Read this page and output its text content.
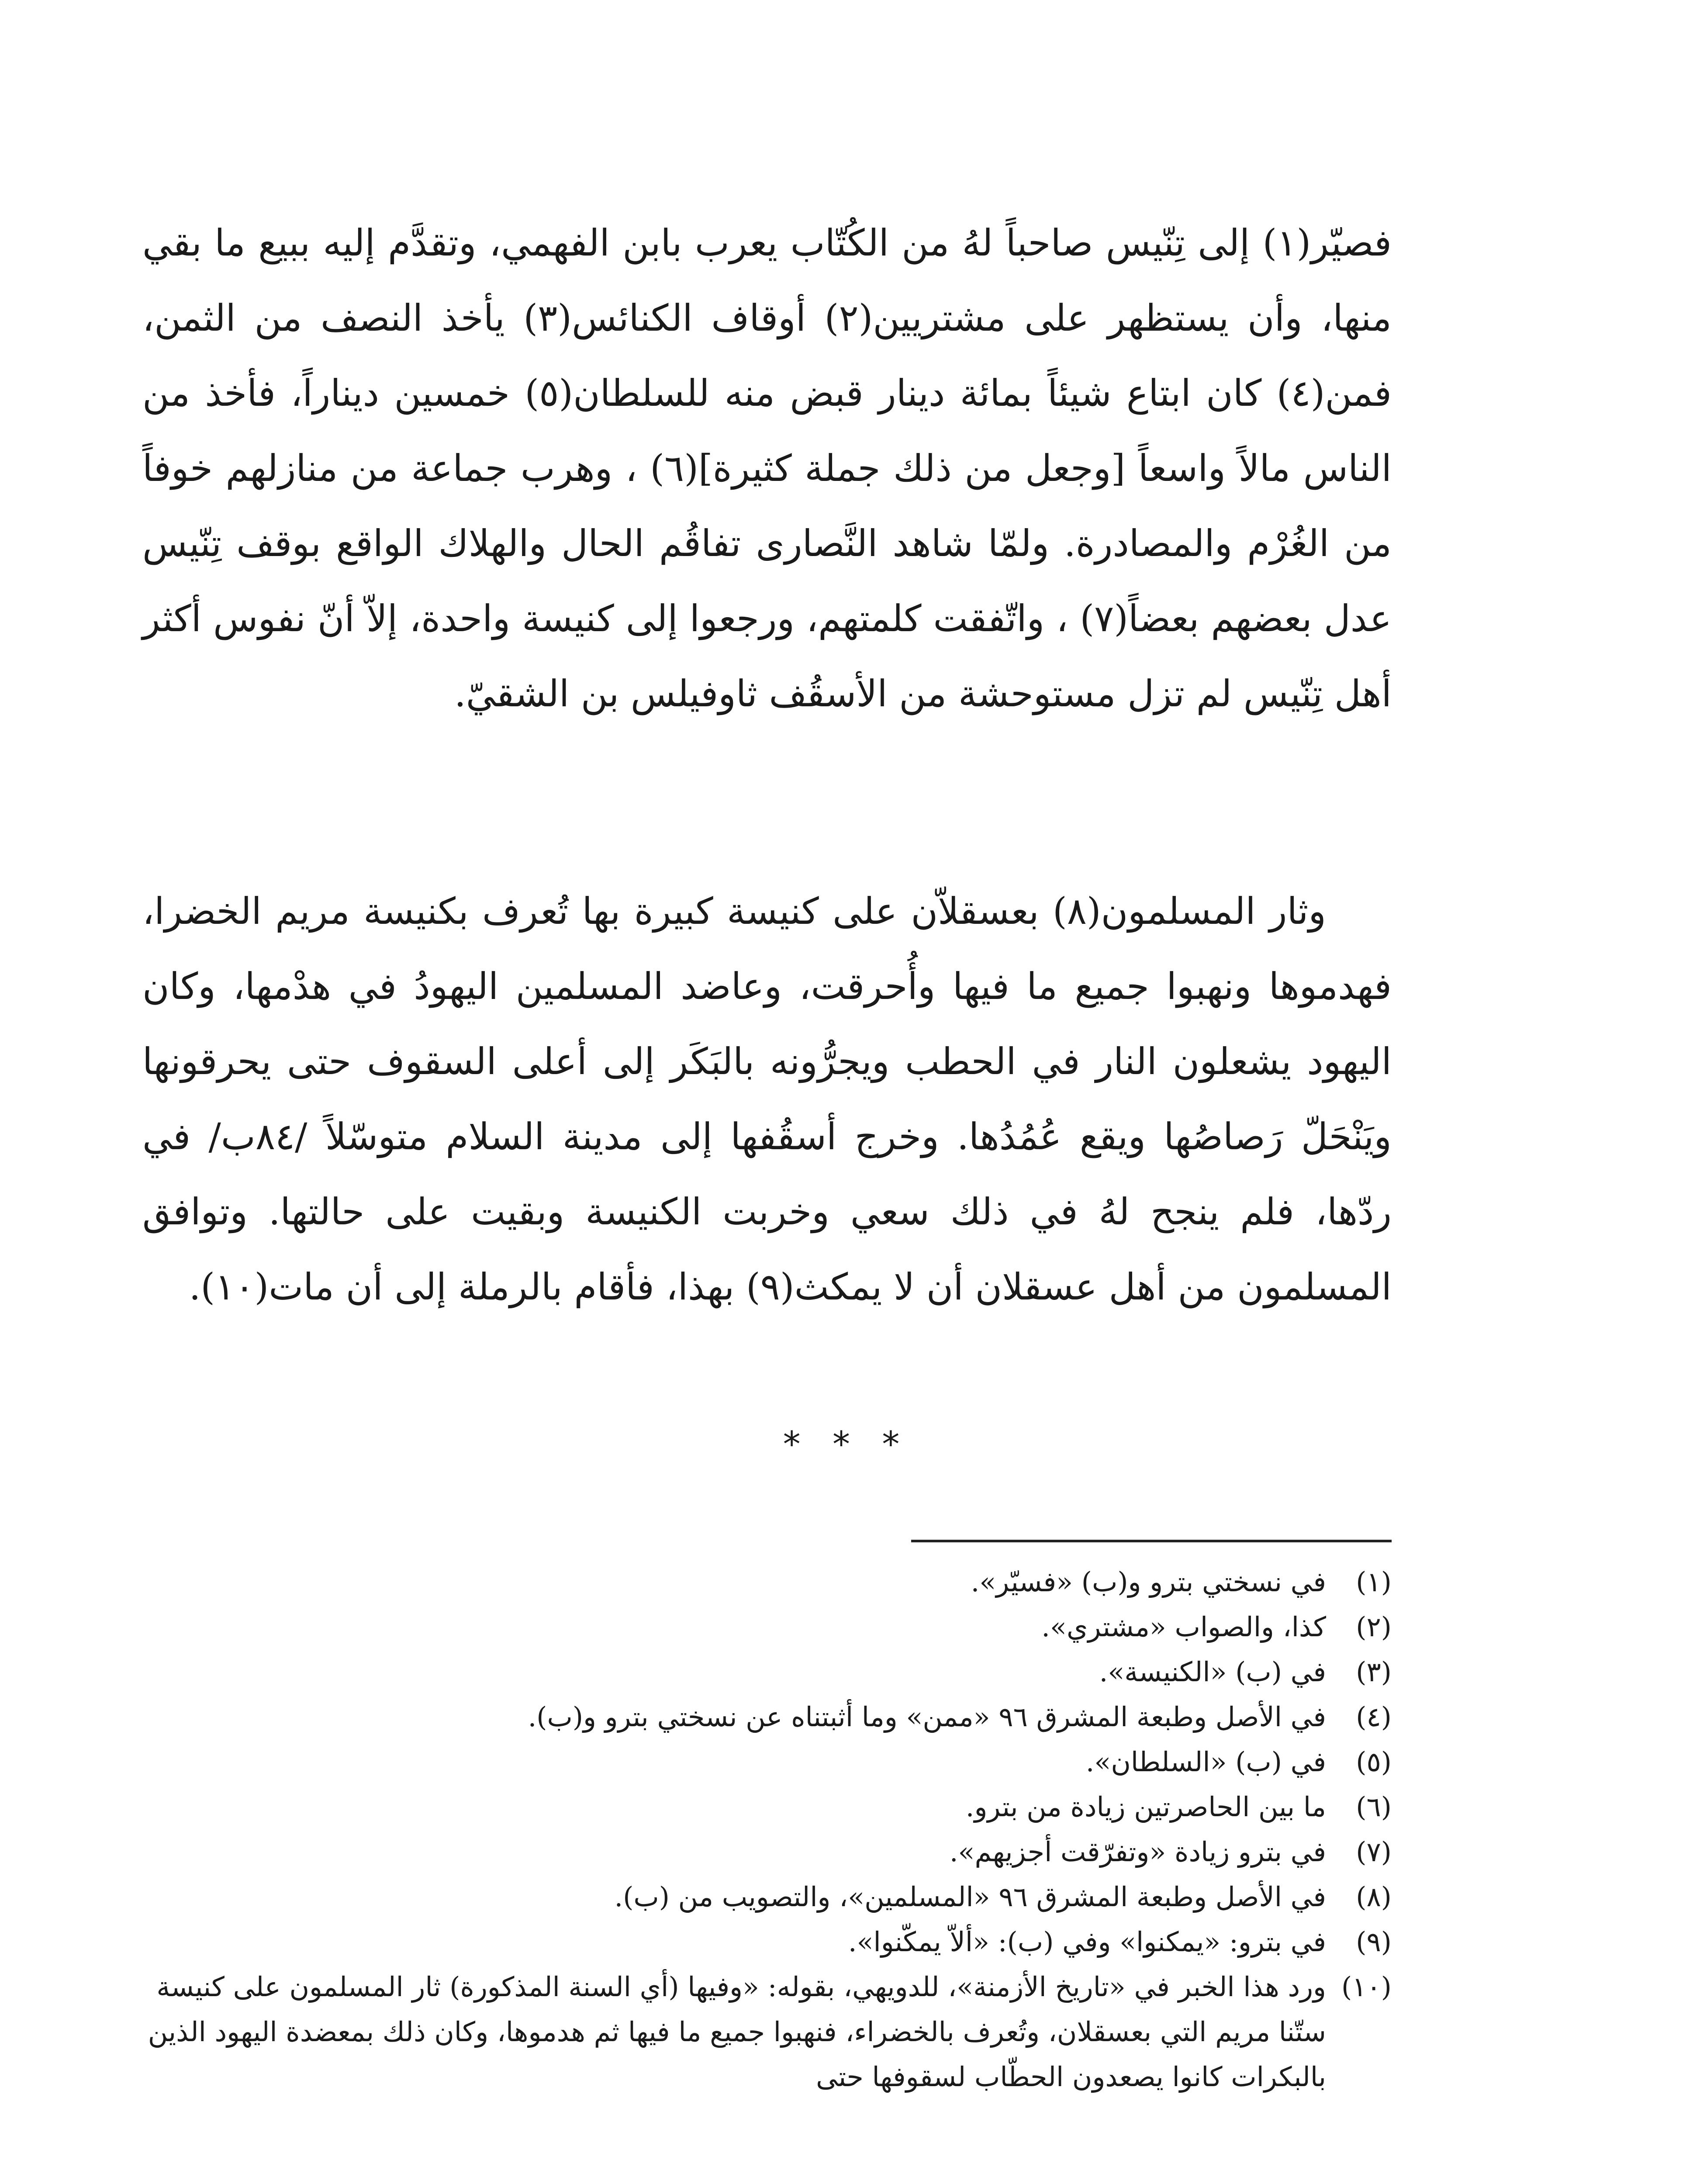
فصيّر(١) إلى تِنّيس صاحباً لهُ من الكُتّاب يعرب بابن الفهمي، وتقدَّم إليه ببيع ما بقي منها، وأن يستظهر على مشتريين(٢) أوقاف الكنائس(٣) يأخذ النصف من الثمن، فمن(٤) كان ابتاع شيئاً بمائة دينار قبض منه للسلطان(٥) خمسين ديناراً، فأخذ من الناس مالاً واسعاً [وجعل من ذلك جملة كثيرة](٦) ، وهرب جماعة من منازلهم خوفاً من الغُرْم والمصادرة. ولمّا شاهد النَّصارى تفاقُم الحال والهلاك الواقع بوقف تِنّيس عدل بعضهم بعضاً(٧) ، واتّفقت كلمتهم، ورجعوا إلى كنيسة واحدة، إلاّ أنّ نفوس أكثر أهل تِنّيس لم تزل مستوحشة من الأسقُف ثاوفيلس بن الشقيّ.

وثار المسلمون(٨) بعسقلاّن على كنيسة كبيرة بها تُعرف بكنيسة مريم الخضرا، فهدموها ونهبوا جميع ما فيها وأُحرقت، وعاضد المسلمين اليهودُ في هدْمها، وكان اليهود يشعلون النار في الحطب ويجرُّونه بالبَكَر إلى أعلى السقوف حتى يحرقونها ويَنْحَلّ رَصاصُها ويقع عُمُدُها. وخرج أسقُفها إلى مدينة السلام متوسّلاً /٨٤ب/ في ردّها، فلم ينجح لهُ في ذلك سعي وخربت الكنيسة وبقيت على حالتها. وتوافق المسلمون من أهل عسقلان أن لا يمكث(٩) بهذا، فأقام بالرملة إلى أن مات(١٠).

* * *
(١)
في نسختي بترو و(ب) «فسيّر».
(٢)
كذا، والصواب «مشتري».
(٣)
في (ب) «الكنيسة».
(٤)
في الأصل وطبعة المشرق ٩٦ «ممن» وما أثبتناه عن نسختي بترو و(ب).
(٥)
في (ب) «السلطان».
(٦)
ما بين الحاصرتين زيادة من بترو.
(٧)
في بترو زيادة «وتفرّقت أجزيهم».
(٨)
في الأصل وطبعة المشرق ٩٦ «المسلمين»، والتصويب من (ب).
(٩)
في بترو: «يمكنوا» وفي (ب): «ألاّ يمكّنوا».
(١٠)
ورد هذا الخبر في «تاريخ الأزمنة»، للدويهي، بقوله: «وفيها (أي السنة المذكورة) ثار المسلمون على كنيسة ستّنا مريم التي بعسقلان، وتُعرف بالخضراء، فنهبوا جميع ما فيها ثم هدموها، وكان ذلك بمعضدة اليهود الذين بالبكرات كانوا يصعدون الحطّاب لسقوفها حتى
